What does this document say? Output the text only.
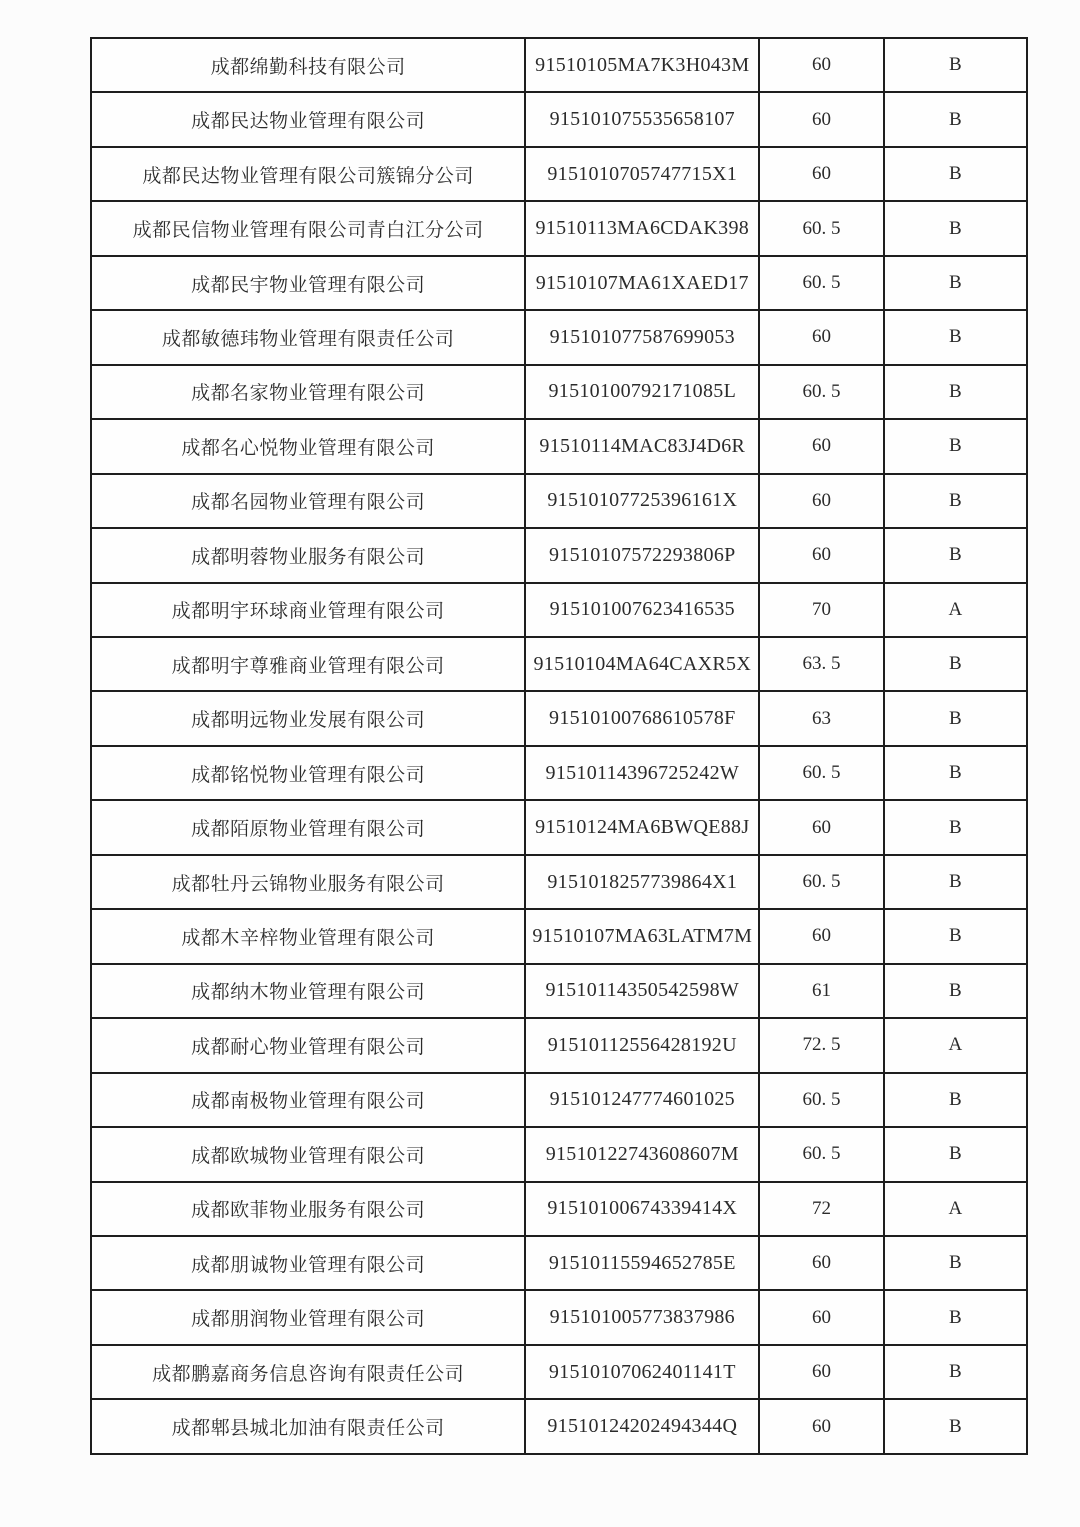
成都绵勤科技有限公司	91510105MA7K3H043M	60	B
成都民达物业管理有限公司	915101075535658107	60	B
成都民达物业管理有限公司簇锦分公司	9151010705747715X1	60	B
成都民信物业管理有限公司青白江分公司	91510113MA6CDAK398	60. 5	B
成都民宇物业管理有限公司	91510107MA61XAED17	60. 5	B
成都敏德玮物业管理有限责任公司	915101077587699053	60	B
成都名家物业管理有限公司	91510100792171085L	60. 5	B
成都名心悦物业管理有限公司	91510114MAC83J4D6R	60	B
成都名园物业管理有限公司	91510107725396161X	60	B
成都明蓉物业服务有限公司	91510107572293806P	60	B
成都明宇环球商业管理有限公司	915101007623416535	70	A
成都明宇尊雅商业管理有限公司	91510104MA64CAXR5X	63. 5	B
成都明远物业发展有限公司	91510100768610578F	63	B
成都铭悦物业管理有限公司	91510114396725242W	60. 5	B
成都陌原物业管理有限公司	91510124MA6BWQE88J	60	B
成都牡丹云锦物业服务有限公司	9151018257739864X1	60. 5	B
成都木辛梓物业管理有限公司	91510107MA63LATM7M	60	B
成都纳木物业管理有限公司	91510114350542598W	61	B
成都耐心物业管理有限公司	91510112556428192U	72. 5	A
成都南极物业管理有限公司	915101247774601025	60. 5	B
成都欧城物业管理有限公司	91510122743608607M	60. 5	B
成都欧菲物业服务有限公司	91510100674339414X	72	A
成都朋诚物业管理有限公司	91510115594652785E	60	B
成都朋润物业管理有限公司	915101005773837986	60	B
成都鹏嘉商务信息咨询有限责任公司	91510107062401141T	60	B
成都郫县城北加油有限责任公司	91510124202494344Q	60	B
